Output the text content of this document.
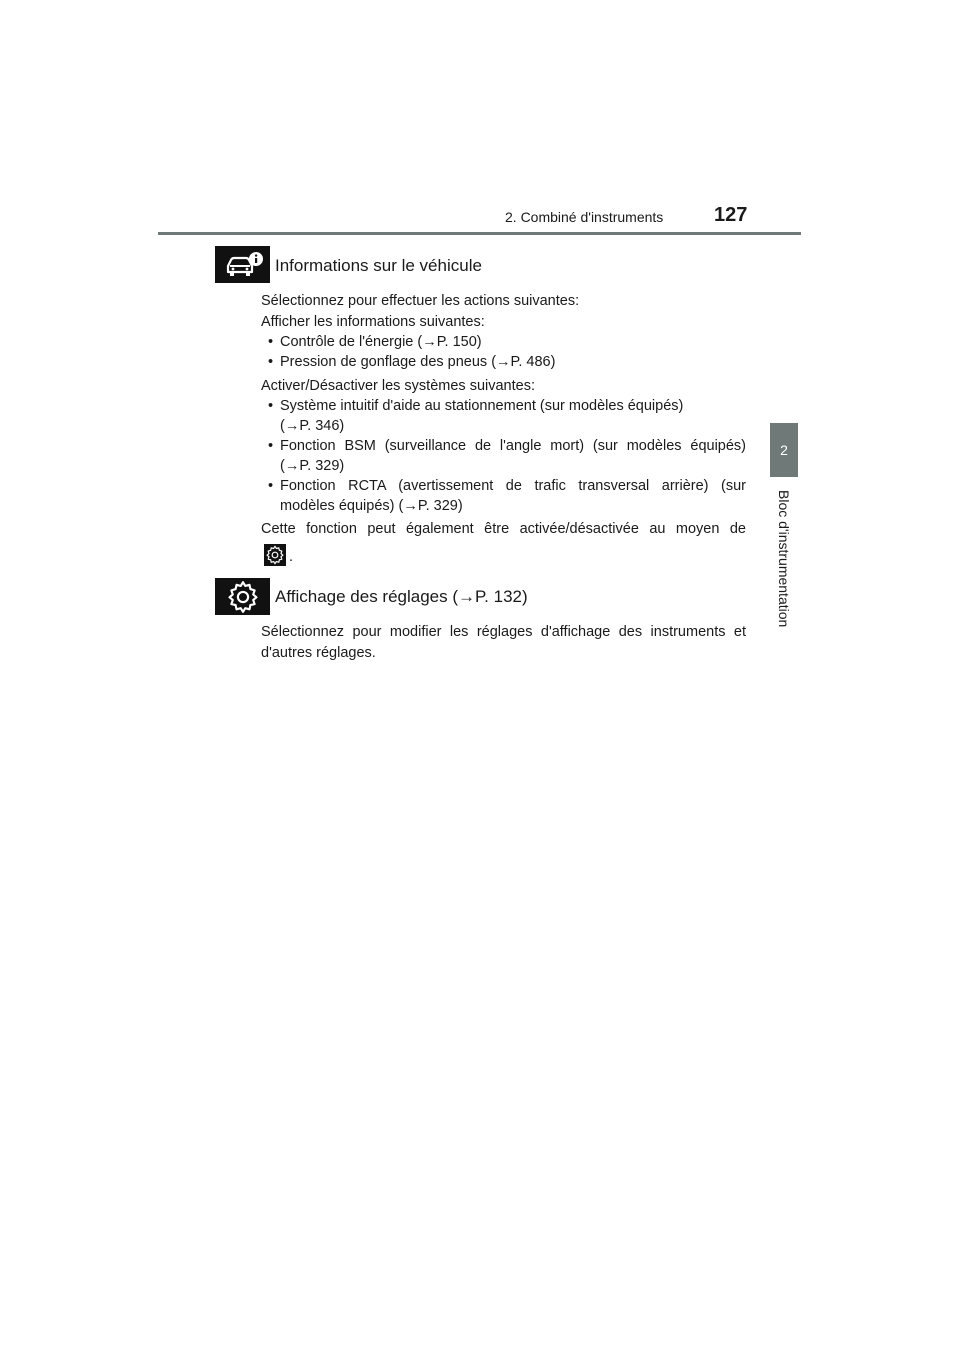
2. Combiné d'instruments	127
2
Bloc d'instrumentation
Informations sur le véhicule
Sélectionnez pour effectuer les actions suivantes:
Afficher les informations suivantes:
• Contrôle de l'énergie (→P. 150)
• Pression de gonflage des pneus (→P. 486)
Activer/Désactiver les systèmes suivantes:
• Système intuitif d'aide au stationnement (sur modèles équipés)
(→P. 346)
• Fonction BSM (surveillance de l'angle mort) (sur modèles équipés)
(→P. 329)
• Fonction RCTA (avertissement de trafic transversal arrière) (sur
modèles équipés) (→P. 329)
Cette fonction peut également être activée/désactivée au moyen de
.
Affichage des réglages (→P. 132)
Sélectionnez pour modifier les réglages d'affichage des instruments et
d'autres réglages.
